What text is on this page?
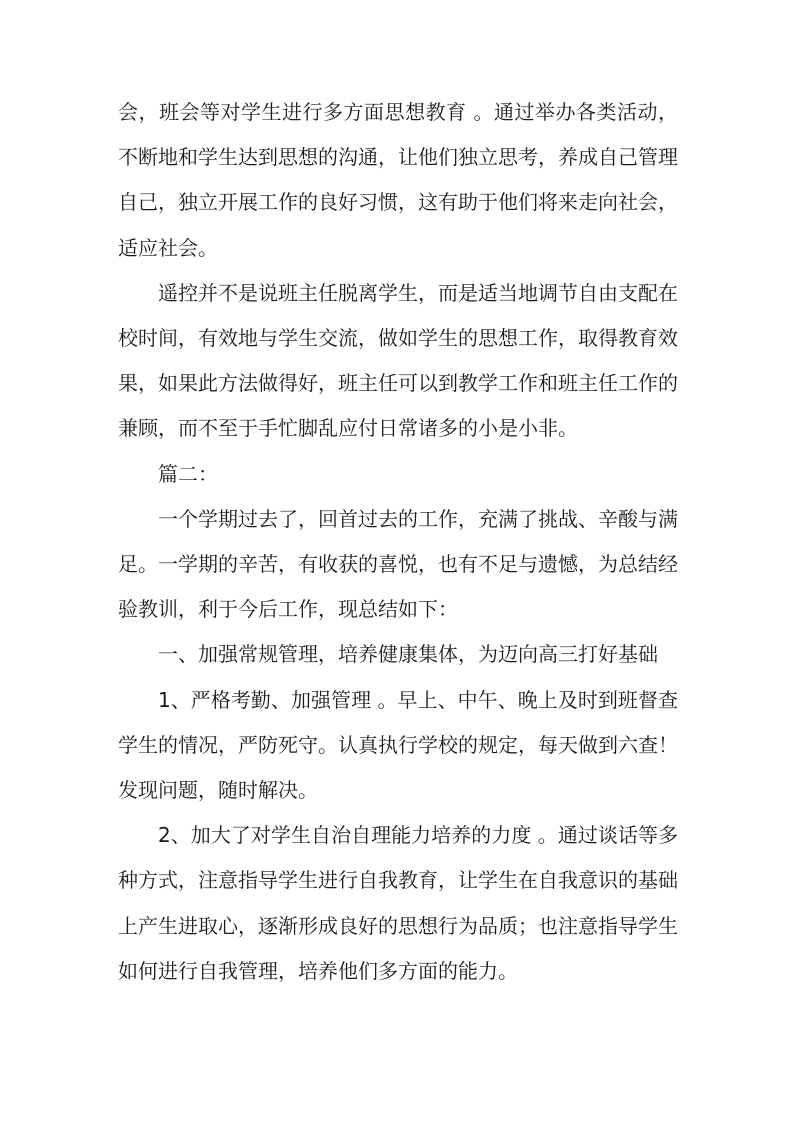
会，班会等对学生进行多方面思想教育 。通过举办各类活动，不断地和学生达到思想的沟通，让他们独立思考，养成自己管理自己，独立开展工作的良好习惯，这有助于他们将来走向社会，适应社会。

遥控并不是说班主任脱离学生，而是适当地调节自由支配在校时间，有效地与学生交流，做如学生的思想工作，取得教育效果，如果此方法做得好，班主任可以到教学工作和班主任工作的兼顾，而不至于手忙脚乱应付日常诸多的小是小非。

篇二：

一个学期过去了，回首过去的工作，充满了挑战、辛酸与满足。一学期的辛苦，有收获的喜悦，也有不足与遗憾，为总结经验教训，利于今后工作，现总结如下：

一、加强常规管理，培养健康集体，为迈向高三打好基础

1、严格考勤、加强管理 。早上、中午、晚上及时到班督查学生的情况，严防死守。认真执行学校的规定，每天做到六查！发现问题，随时解决。

2、加大了对学生自治自理能力培养的力度 。通过谈话等多种方式，注意指导学生进行自我教育，让学生在自我意识的基础上产生进取心，逐渐形成良好的思想行为品质；也注意指导学生如何进行自我管理，培养他们多方面的能力。
